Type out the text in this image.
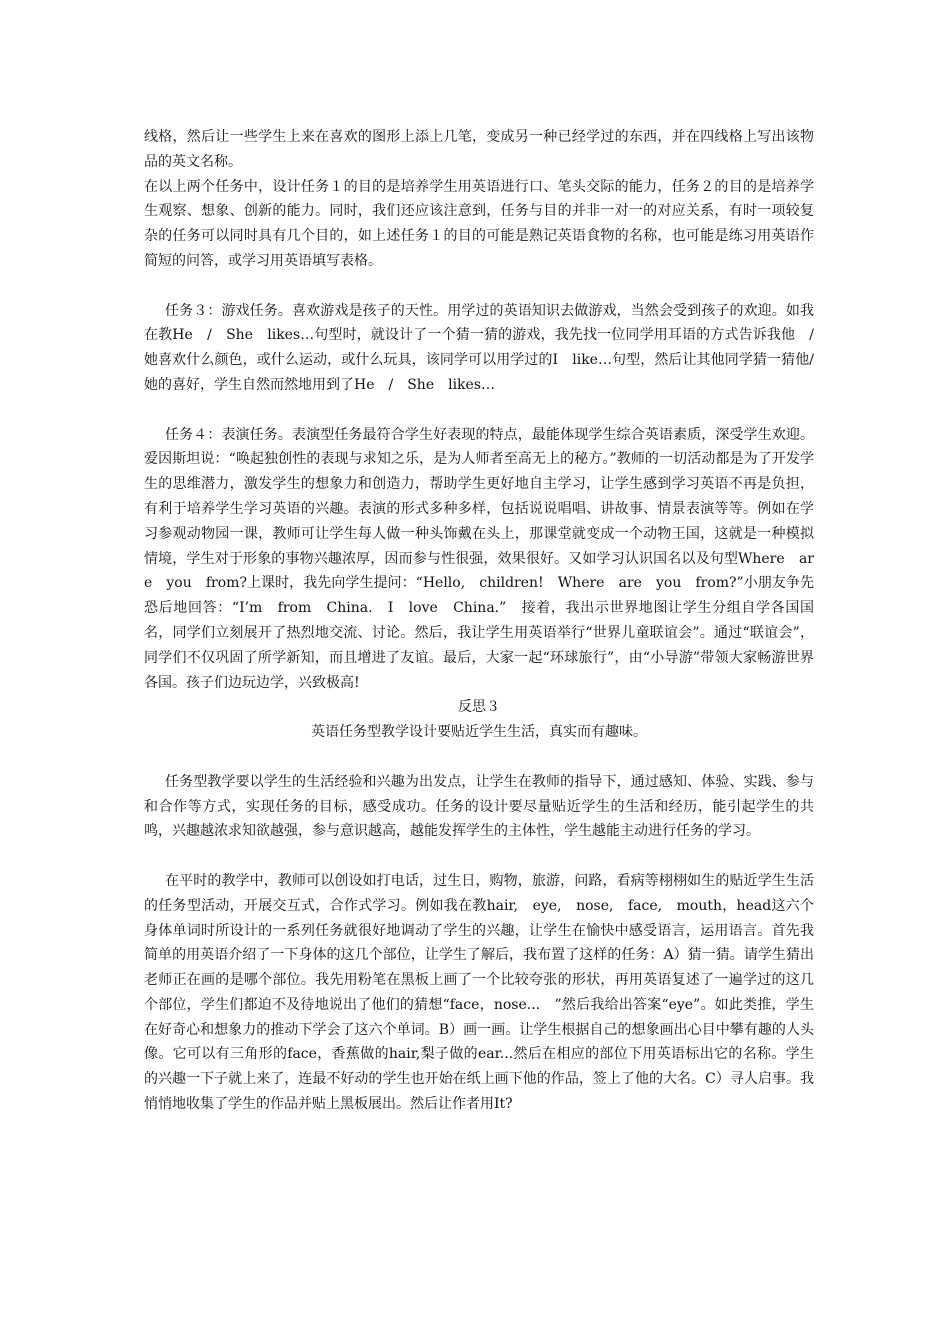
线格，然后让一些学生上来在喜欢的图形上添上几笔，变成另一种已经学过的东西，并在四线格上写出该物品的英文名称。

在以上两个任务中，设计任务１的目的是培养学生用英语进行口、笔头交际的能力，任务２的目的是培养学生观察、想象、创新的能力。同时，我们还应该注意到，任务与目的并非一对一的对应关系，有时一项较复杂的任务可以同时具有几个目的，如上述任务１的目的可能是熟记英语食物的名称，也可能是练习用英语作简短的问答，或学习用英语填写表格。

任务３：游戏任务。喜欢游戏是孩子的天性。用学过的英语知识去做游戏，当然会受到孩子的欢迎。如我在教He　/　She　likes…句型时，就设计了一个猜一猜的游戏，我先找一位同学用耳语的方式告诉我他　/　她喜欢什么颜色，或什么运动，或什么玩具，该同学可以用学过的I　like…句型，然后让其他同学猜一猜他/她的喜好，学生自然而然地用到了He　/　She　likes…

任务４：表演任务。表演型任务最符合学生好表现的特点，最能体现学生综合英语素质，深受学生欢迎。爱因斯坦说：“唤起独创性的表现与求知之乐，是为人师者至高无上的秘方。”教师的一切活动都是为了开发学生的思维潜力，激发学生的想象力和创造力，帮助学生更好地自主学习，让学生感到学习英语不再是负担，有利于培养学生学习英语的兴趣。表演的形式多种多样，包括说说唱唱、讲故事、情景表演等等。例如在学习参观动物园一课，教师可让学生每人做一种头饰戴在头上，那课堂就变成一个动物王国，这就是一种模拟情境，学生对于形象的事物兴趣浓厚，因而参与性很强，效果很好。又如学习认识国名以及句型Where　are　you　from?上课时，我先向学生提问：“Hello,　children!　Where　are　you　from?”小朋友争先恐后地回答：“I’m　from　China.　I　love　China.”　接着，我出示世界地图让学生分组自学各国国名，同学们立刻展开了热烈地交流、讨论。然后，我让学生用英语举行“世界儿童联谊会”。通过“联谊会”，同学们不仅巩固了所学新知，而且增进了友谊。最后，大家一起“环球旅行”，由“小导游”带领大家畅游世界各国。孩子们边玩边学，兴致极高!

反思３

英语任务型教学设计要贴近学生生活，真实而有趣味。

任务型教学要以学生的生活经验和兴趣为出发点，让学生在教师的指导下，通过感知、体验、实践、参与和合作等方式，实现任务的目标，感受成功。任务的设计要尽量贴近学生的生活和经历，能引起学生的共鸣，兴趣越浓求知欲越强，参与意识越高，越能发挥学生的主体性，学生越能主动进行任务的学习。

在平时的教学中，教师可以创设如打电话，过生日，购物，旅游，问路，看病等栩栩如生的贴近学生生活的任务型活动，开展交互式，合作式学习。例如我在教hair,　eye,　nose,　face,　mouth，head这六个身体单词时所设计的一系列任务就很好地调动了学生的兴趣，让学生在愉快中感受语言，运用语言。首先我简单的用英语介绍了一下身体的这几个部位，让学生了解后，我布置了这样的任务：A）猜一猜。请学生猜出老师正在画的是哪个部位。我先用粉笔在黑板上画了一个比较夸张的形状，再用英语复述了一遍学过的这几个部位，学生们都迫不及待地说出了他们的猜想“face，nose...　”然后我给出答案“eye”。如此类推，学生在好奇心和想象力的推动下学会了这六个单词。B）画一画。让学生根据自己的想象画出心目中攀有趣的人头像。它可以有三角形的face，香蕉做的hair,梨子做的ear...然后在相应的部位下用英语标出它的名称。学生的兴趣一下子就上来了，连最不好动的学生也开始在纸上画下他的作品，签上了他的大名。C）寻人启事。我悄悄地收集了学生的作品并贴上黑板展出。然后让作者用It?
